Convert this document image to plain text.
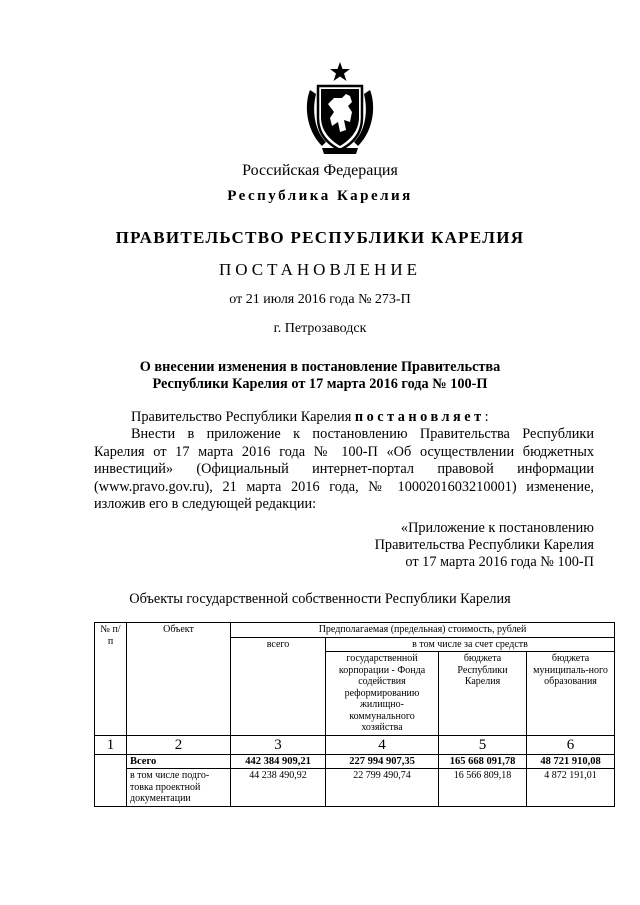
Российская Федерация
Республика Карелия
ПРАВИТЕЛЬСТВО РЕСПУБЛИКИ КАРЕЛИЯ
ПОСТАНОВЛЕНИЕ
от 21 июля 2016 года № 273-П
г. Петрозаводск
О внесении изменения в постановление Правительства
Республики Карелия от 17 марта 2016 года № 100-П

Правительство Республики Карелия постановляет:

Внести в приложение к постановлению Правительства Республики Карелия от 17 марта 2016 года № 100-П «Об осуществлении бюджетных инвестиций» (Официальный интернет-портал правовой информации (www.pravo.gov.ru), 21 марта 2016 года, № 1000201603210001) изменение, изложив его в следующей редакции:

«Приложение к постановлению
Правительства Республики Карелия
от 17 марта 2016 года № 100-П
Объекты государственной собственности Республики Карелия
№ п/п	Объект	Предполагаемая (предельная) стоимость, рублей			
		всего	в том числе за счет средств		
			государственной корпорации - Фонда содействия реформированию жилищно-коммунального хозяйства	бюджета Республики Карелия	бюджета муниципаль-ного образования
1	2	3	4	5	6
	Всего	442 384 909,21	227 994 907,35	165 668 091,78	48 721 910,08
	в том числе подго-товка проектной документации	44 238 490,92	22 799 490,74	16 566 809,18	4 872 191,01
